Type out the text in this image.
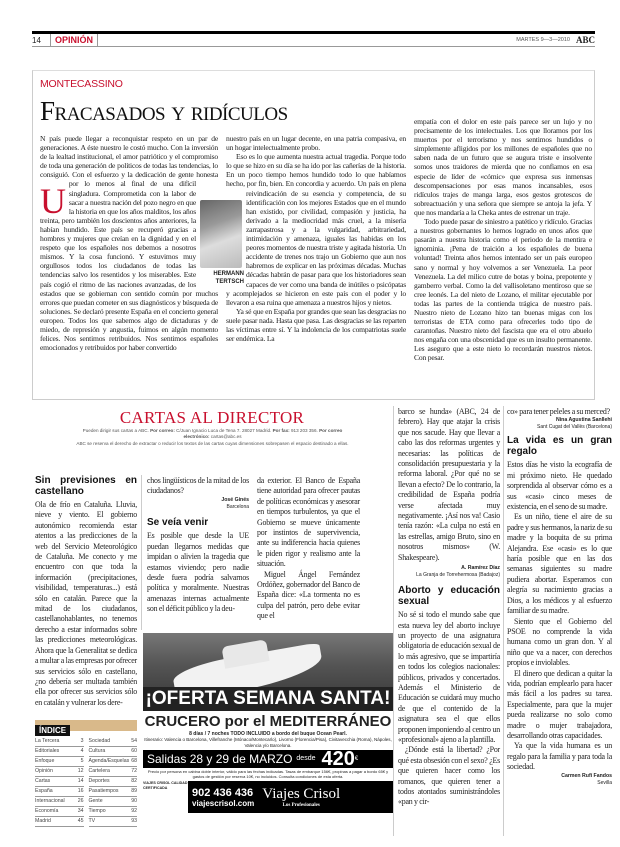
14	OPINIÓN	MARTES 9—3—2010 ABC
MONTECASSINO
Fracasados y ridículos
U

N país puede llegar a reconquistar respeto en un par de generaciones. A éste nuestro le costó mucho. Con la inversión de la lealtad institucional, el amor patriótico y el compromiso de toda una generación de políticos de todas las tendencias, lo consiguió. Con el esfuerzo y la dedicación de gente honesta por lo menos al final de una difícil singladura. Comprometida con la labor de sacar a nuestra nación del pozo negro en que la historia en que los años malditos, los años treinta, pero también los doscientos años anteriores, la habían hundido. Este país se recuperó gracias a hombres y mujeres que creían en la dignidad y en el respeto que los españoles nos debemos a nosotros mismos. Y la cosa funcionó. Y estuvimos muy orgullosos todos los ciudadanos de todas las tendencias salvo los resentidos y los miserables. Este país cogió el ritmo de las naciones avanzadas, de los estados que se gobiernan con sentido común por muchos errores que puedan cometer en sus diagnósticos y búsqueda de soluciones. Se declaró presente España en el concierto general europeo. Todos los que sabemos algo de dictaduras y de miedo, de represión y angustia, fuimos en algún momento felices. Nos sentimos retribuidos. Nos sentimos españoles emocionados y retribuidos por haber convertido

HERMANN TERTSCH

nuestro país en un lugar decente, en una patria compasiva, en un hogar intelectualmente probo.

Eso es lo que aumenta nuestra actual tragedia. Porque todo lo que se hizo en su día se ha ido por las cañerías de la historia. En un poco tiempo hemos hundido todo lo que habíamos hecho, por fin, bien. En concordia y acuerdo. Un país en plena reivindicación de su esencia y competencia, de su identificación con los mejores Estados que en el mundo han existido, por civilidad, compasión y justicia, ha derivado a la mediocridad más cruel, a la miseria zarrapastrosa y a la vulgaridad, arbitrariedad, intimidación y amenaza, iguales las habidas en los peores momentos de nuestra triste y agitada historia. Un accidente de trenes nos trajo un Gobierno que aun nos habremos de explicar en las próximas décadas. Muchas décadas habrán de pasar para que los historiadores sean capaces de ver como una banda de inútiles o psicópatas y acomplejados se hicieron en este país con el poder y lo llevaron a esa ruina que amenaza a nuestros hijos y nietos.

Ya sé que en España por grandes que sean las desgracias no suele pasar nada. Hasta que pasa. Las desgracias se las reparten las víctimas entre sí. Y la indolencia de los compatriotas suele ser endémica. La

empatía con el dolor en este país parece ser un lujo y no precisamente de los intelectuales. Los que lloramos por los muertos por el terrorismo y nos sentimos hundidos o simplemente afligidos por los millones de españoles que no saben nada de un futuro que se augura triste e insolvente somos unos traidores de mierda que no confiamos en esa especie de líder de «cómic» que expresa sus inmensas descompensaciones por esas manos incansables, esos ridículos trajes de manga larga, esos gestos grotescos de sobreactuación y una señora que siempre se antoja la jefa. Y que nos mandaría a la Cheka antes de estrenar un traje.

Todo puede pasar de siniestro a patético y ridículo. Gracias a nuestros gobernantes lo hemos logrado en unos años que pasarán a nuestra historia como el periodo de la mentira e ignominia. ¡Pena de traición a los españoles de buena voluntad! Treinta años hemos intentado ser un país europeo sano y normal y hoy volvemos a ser Venezuela. La peor Venezuela. La del milico cutre de botas y boina, prepotente y gamberro verbal. Como la del vallisoletano mentiroso que se cree leonés. La del nieto de Lozano, el militar ejecutable por todas las partes de la contienda trágica de nuestro país. Nuestro nieto de Lozano hizo tan buenas migas con los terroristas de ETA como para ofrecerles todo tipo de carantoñas. Nuestro nieto del fascista que era el otro abuelo nos engaña con una obscenidad que es un insulto permanente. Les aseguro que a este nieto lo recordarán nuestros nietos. Con pesar.

CARTAS AL DIRECTOR
Pueden dirigir sus cartas a ABC. Por correo: C/Juan Ignacio Luca de Tena 7. 28027 Madrid. Por fax: 913 203 356. Por correo electrónico: cartas@abc.es
ABC se reserva el derecho de extractar o reducir los textos de las cartas cuyas dimensiones sobrepasen el espacio destinado a ellas.
Sin previsiones en castellano

Ola de frío en Cataluña. Lluvia, nieve y viento. El gobierno autonómico recomienda estar atentos a las predicciones de la web del Servicio Meteorológico de Cataluña. Me conecto y me encuentro con que toda la información (precipitaciones, visibilidad, temperaturas...) está sólo en catalán. Parece que la mitad de los ciudadanos, castellanohablantes, no tenemos derecho a estar informados sobre las predicciones meteorológicas. Ahora que la Generalitat se dedica a multar a las empresas por ofrecer sus servicios sólo en castellano, ¿no debería ser multada también ella por ofrecer sus servicios sólo en catalán y vulnerar los dere-

ÍNDICE
La Tercera	3
Editoriales	4
Enfoque	5
Opinión	12
Cartas	14
España	16
Internacional	26
Economía	34
Madrid	45
Sociedad	54
Cultura	60
Agenda/Esquelas 68
Cartelera	72
Deportes	82
Pasatiempos 89
Gente	90
Tiempo	92
TV	93

chos lingüísticos de la mitad de los ciudadanos?

José Ginés
Barcelona
Se veía venir

Es posible que desde la UE puedan llegarnos medidas que impidan o alivien la tragedia que estamos viviendo; pero nadie desde fuera podría salvarnos política y moralmente. Nuestras amenazas internas actualmente son el déficit público y la deu-

da exterior. El Banco de España tiene autoridad para ofrecer pautas de políticas económicas y asesorar en tiempos turbulentos, ya que el Gobierno se mueve únicamente por instintos de supervivencia, ante su indiferencia hacia quienes le piden rigor y realismo ante la situación.

Miguel Ángel Fernández Ordóñez, gobernador del Banco de España dice: «La tormenta no es culpa del patrón, pero debe evitar que el

¡OFERTA SEMANA SANTA!
CRUCERO por el MEDITERRÁNEO
8 días / 7 noches TODO INCLUIDO a bordo del buque Ocean Pearl.
Itinerario: Valencia o Barcelona, Villefranche (Mónaco/Montecarlo), Livorno (Florencia/Pisa), Civitavecchia (Roma), Nápoles, Valencia y/o Barcelona.
Salidas 28 y 29 de MARZO desde 420 €
Precio por persona en cabina doble interior, válido para las fechas indicadas. Tasas de embarque 156€, propinas a pagar a bordo 65€ y gastos de gestión por reserva 10€, no incluidos. Consulta condiciones de esta oferta.
VIAJES CRISOL CALIDAD CERTIFICADA	902 436 436
viajescrisol.com
Viajes Crisol
Los Profesionales

barco se hunda» (ABC, 24 de febrero). Hay que atajar la crisis que nos sacude. Hay que llevar a cabo las dos reformas urgentes y necesarias: las políticas de consolidación presupuestaria y la reforma laboral. ¿Por qué no se llevan a efecto? De lo contrario, la credibilidad de España podría verse afectada muy negativamente. ¡Así nos va! Casio tenía razón: «La culpa no está en las estrellas, amigo Bruto, sino en nosotros mismos» (W. Shakespeare).

A. Ramírez Díaz
La Granja de Torrehermosa (Badajoz)
Aborto y educación sexual

No sé si todo el mundo sabe que esta nueva ley del aborto incluye un proyecto de una asignatura obligatoria de educación sexual de lo más agresivo, que se impartiría en todos los colegios nacionales: públicos, privados y concertados. Además el Ministerio de Educación se cuidará muy mucho de que el contenido de la asignatura sea el que ellos proponen imponiendo al centro un «profesional» ajeno a la plantilla.

¿Dónde está la libertad? ¿Por qué esta obsesión con el sexo? ¿Es que quieren hacer como los romanos, que quieren tener a todos atontados suministrándoles «pan y cir-

co» para tener peleles a su merced?

Nina Agustina Sanllehi
Sant Cugat del Vallès (Barcelona)
La vida es un gran regalo

Estos días he visto la ecografía de mi próximo nieto. He quedado sorprendida al observar cómo es a sus «casi» cinco meses de existencia, en el seno de su madre.

Es un niño, tiene el aire de su padre y sus hermanos, la nariz de su madre y la boquita de su prima Alejandra. Ese «casi» es lo que haría posible que en las dos semanas siguientes su madre pudiera abortar. Esperamos con alegría su nacimiento gracias a Dios, a los médicos y al esfuerzo familiar de su madre.

Siento que el Gobierno del PSOE no comprende la vida humana como un gran don. Y al niño que va a nacer, con derechos propios e inviolables.

El dinero que dedican a quitar la vida, podrían emplearlo para hacer más fácil a los padres su tarea. Especialmente, para que la mujer pueda realizarse no solo como madre o mujer trabajadora, desarrollando otras capacidades.

Ya que la vida humana es un regalo para la familia y para toda la sociedad.

Carmen Rufí Fandos
Sevilla
